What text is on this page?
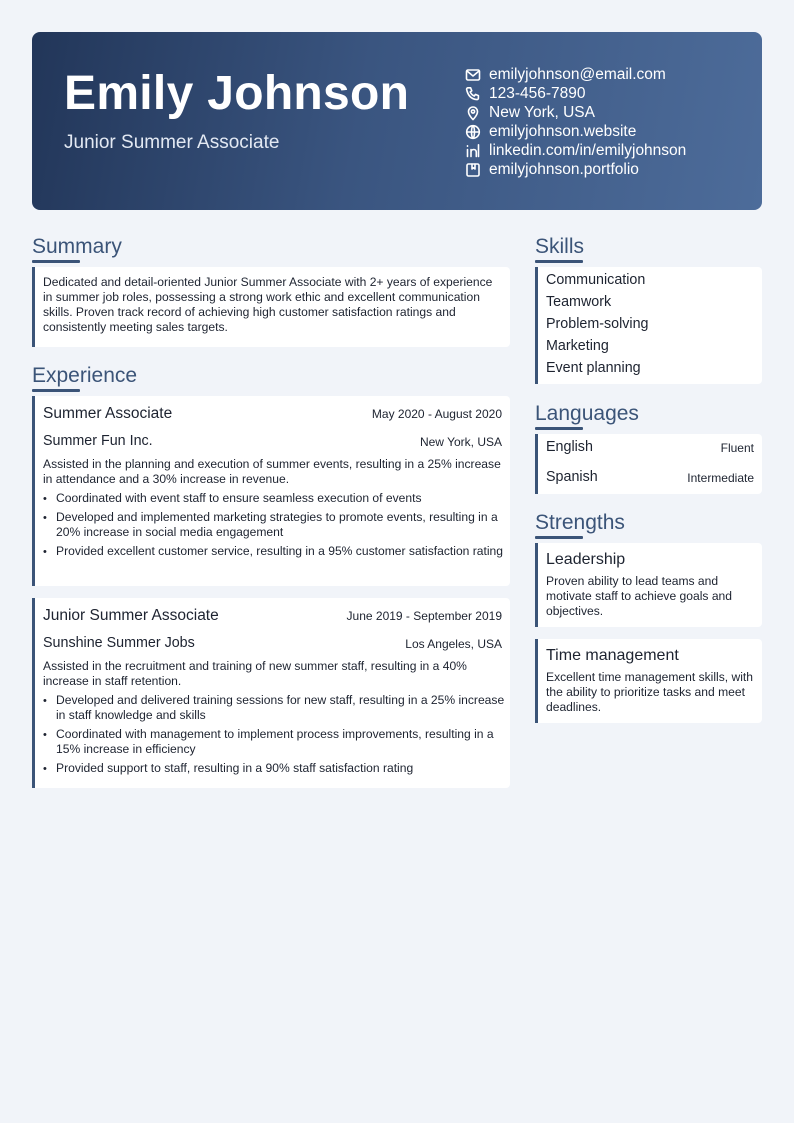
Emily Johnson
Junior Summer Associate
emilyjohnson@email.com
123-456-7890
New York, USA
emilyjohnson.website
linkedin.com/in/emilyjohnson
emilyjohnson.portfolio
Summary
Dedicated and detail-oriented Junior Summer Associate with 2+ years of experience in summer job roles, possessing a strong work ethic and excellent communication skills. Proven track record of achieving high customer satisfaction ratings and consistently meeting sales targets.
Experience
Summer Associate	May 2020 - August 2020
Summer Fun Inc.	New York, USA
Assisted in the planning and execution of summer events, resulting in a 25% increase in attendance and a 30% increase in revenue.
• Coordinated with event staff to ensure seamless execution of events
• Developed and implemented marketing strategies to promote events, resulting in a 20% increase in social media engagement
• Provided excellent customer service, resulting in a 95% customer satisfaction rating
Junior Summer Associate	June 2019 - September 2019
Sunshine Summer Jobs	Los Angeles, USA
Assisted in the recruitment and training of new summer staff, resulting in a 40% increase in staff retention.
• Developed and delivered training sessions for new staff, resulting in a 25% increase in staff knowledge and skills
• Coordinated with management to implement process improvements, resulting in a 15% increase in efficiency
• Provided support to staff, resulting in a 90% staff satisfaction rating
Skills
Communication
Teamwork
Problem-solving
Marketing
Event planning
Languages
English	Fluent
Spanish	Intermediate
Strengths
Leadership
Proven ability to lead teams and motivate staff to achieve goals and objectives.
Time management
Excellent time management skills, with the ability to prioritize tasks and meet deadlines.
